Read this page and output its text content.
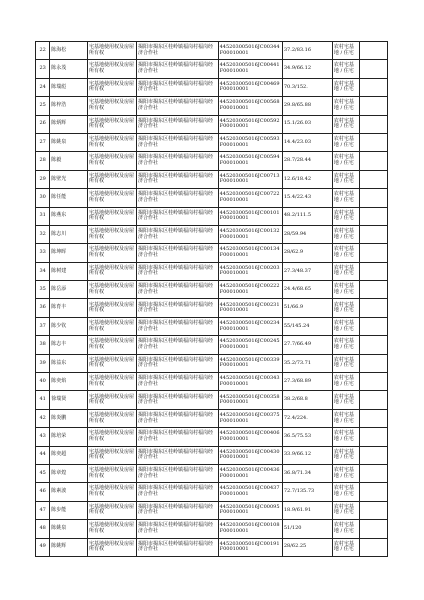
22	陈海松	宅基地使用权及房屋所有权	揭阳市揭东区桂岭镇福岗村福岗经济合作社	445203005016JC00344F00010001	37.2/83.16	农村宅基地 / 住宅	

23	陈永茂	宅基地使用权及房屋所有权	揭阳市揭东区桂岭镇福岗村福岗经济合作社	445203005016JC00441F00010001	34.9/66.12	农村宅基地 / 住宅	

24	陈瑞彪	宅基地使用权及房屋所有权	揭阳市揭东区桂岭镇福岗村福岗经济合作社	445203005016JC00469F00010001	70.3/152.	农村宅基地 / 住宅	

25	陈梓浩	宅基地使用权及房屋所有权	揭阳市揭东区桂岭镇福岗村福岗经济合作社	445203005016JC00568F00010001	29.8/65.88	农村宅基地 / 住宅	

26	陈炳辉	宅基地使用权及房屋所有权	揭阳市揭东区桂岭镇福岗村福岗经济合作社	445203005016JC00592F00010001	15.1/26.03	农村宅基地 / 住宅	

27	陈姚泉	宅基地使用权及房屋所有权	揭阳市揭东区桂岭镇福岗村福岗经济合作社	445203005016JC00593F00010001	14.4/23.03	农村宅基地 / 住宅	

28	陈毅	宅基地使用权及房屋所有权	揭阳市揭东区桂岭镇福岗村福岗经济合作社	445203005016JC00594F00010001	28.7/28.44	农村宅基地 / 住宅	

29	陈壁光	宅基地使用权及房屋所有权	揭阳市揭东区桂岭镇福岗村福岗经济合作社	445203005016JC00713F00010001	12.6/18.42	农村宅基地 / 住宅	

30	陈任能	宅基地使用权及房屋所有权	揭阳市揭东区桂岭镇福岗村福岗经济合作社	445203005016JC00722F00010001	15.4/22.43	农村宅基地 / 住宅	

31	陈燕东	宅基地使用权及房屋所有权	揭阳市揭东区桂岭镇福岗村福岗经济合作社	445203005016JC00101F00010001	48.2/111.5	农村宅基地 / 住宅	

32	陈志川	宅基地使用权及房屋所有权	揭阳市揭东区桂岭镇福岗村福岗经济合作社	445203005016JC00132F00010001	28/59.94	农村宅基地 / 住宅	

33	陈坤晖	宅基地使用权及房屋所有权	揭阳市揭东区桂岭镇福岗村福岗经济合作社	445203005016JC00134F00010001	28/62.9	农村宅基地 / 住宅	

34	陈树建	宅基地使用权及房屋所有权	揭阳市揭东区桂岭镇福岗村福岗经济合作社	445203005016JC00203F00010001	27.3/48.37	农村宅基地 / 住宅	

35	陈岳添	宅基地使用权及房屋所有权	揭阳市揭东区桂岭镇福岗村福岗经济合作社	445203005016JC00222F00010001	24.4/68.65	农村宅基地 / 住宅	

36	陈育丰	宅基地使用权及房屋所有权	揭阳市揭东区桂岭镇福岗村福岗经济合作社	445203005016JC00231F00010001	51/66.9	农村宅基地 / 住宅	

37	陈少钦	宅基地使用权及房屋所有权	揭阳市揭东区桂岭镇福岗村福岗经济合作社	445203005016JC00234F00010001	55/145.24	农村宅基地 / 住宅	

38	陈志丰	宅基地使用权及房屋所有权	揭阳市揭东区桂岭镇福岗村福岗经济合作社	445203005016JC00245F00010001	27.7/66.49	农村宅基地 / 住宅	

39	陈益东	宅基地使用权及房屋所有权	揭阳市揭东区桂岭镇福岗村福岗经济合作社	445203005016JC00339F00010001	35.2/73.71	农村宅基地 / 住宅	

40	陈奕焰	宅基地使用权及房屋所有权	揭阳市揭东区桂岭镇福岗村福岗经济合作社	445203005016JC00343F00010001	27.3/68.89	农村宅基地 / 住宅	

41	徐瑞贤	宅基地使用权及房屋所有权	揭阳市揭东区桂岭镇福岗村福岗经济合作社	445203005016JC00358F00010001	38.2/68.8	农村宅基地 / 住宅	

42	陈炎鹏	宅基地使用权及房屋所有权	揭阳市揭东区桂岭镇福岗村福岗经济合作社	445203005016JC00375F00010001	72.4/224.	农村宅基地 / 住宅	

43	陈培荣	宅基地使用权及房屋所有权	揭阳市揭东区桂岭镇福岗村福岗经济合作社	445203005016JC00406F00010001	36.5/75.53	农村宅基地 / 住宅	

44	陈奕超	宅基地使用权及房屋所有权	揭阳市揭东区桂岭镇福岗村福岗经济合作社	445203005016JC00430F00010001	33.9/66.12	农村宅基地 / 住宅	

45	陈章煌	宅基地使用权及房屋所有权	揭阳市揭东区桂岭镇福岗村福岗经济合作社	445203005016JC00436F00010001	36.8/71.34	农村宅基地 / 住宅	

46	陈素波	宅基地使用权及房屋所有权	揭阳市揭东区桂岭镇福岗村福岗经济合作社	445203005016JC00437F00010001	72.7/135.73	农村宅基地 / 住宅	

47	陈步能	宅基地使用权及房屋所有权	揭阳市揭东区桂岭镇福岗村福岗经济合作社	445203005016JC00095F00010001	18.9/61.91	农村宅基地 / 住宅	

48	陈姚泉	宅基地使用权及房屋所有权	揭阳市揭东区桂岭镇福岗村福岗经济合作社	445203005016JC00108F00010001	51/120	农村宅基地 / 住宅	

49	陈姚辉	宅基地使用权及房屋所有权	揭阳市揭东区桂岭镇福岗村福岗经济合作社	445203005016JC00191F00010001	28/62.25	农村宅基地 / 住宅	
